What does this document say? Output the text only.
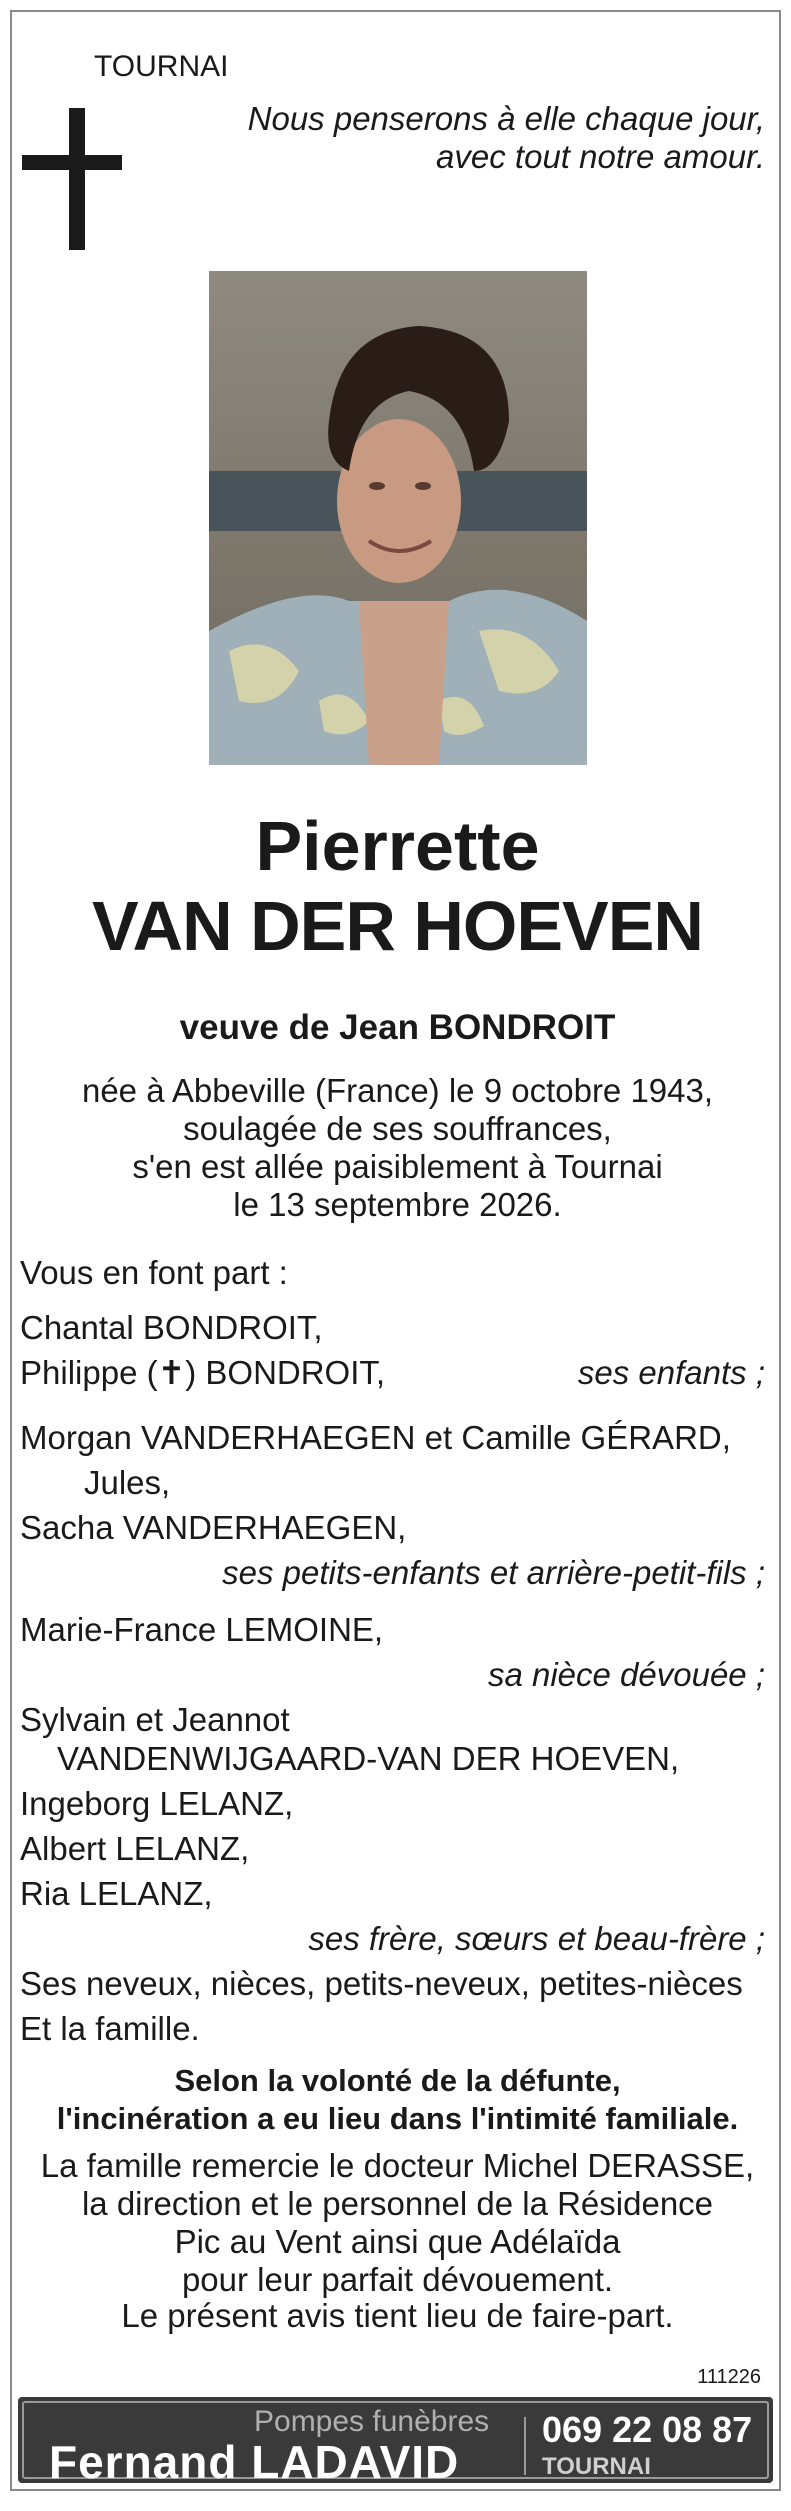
TOURNAI
Nous penserons à elle chaque jour,
avec tout notre amour.
Pierrette
VAN DER HOEVEN
veuve de Jean BONDROIT
née à Abbeville (France) le 9 octobre 1943,
soulagée de ses souffrances,
s'en est allée paisiblement à Tournai
le 13 septembre 2026.
Vous en font part :
Chantal BONDROIT,
Philippe (✝) BONDROIT,	ses enfants ;
Morgan VANDERHAEGEN et Camille GÉRARD,
Jules,
Sacha VANDERHAEGEN,
ses petits-enfants et arrière-petit-fils ;
Marie-France LEMOINE,
sa nièce dévouée ;
Sylvain et Jeannot
VANDENWIJGAARD-VAN DER HOEVEN,
Ingeborg LELANZ,
Albert LELANZ,
Ria LELANZ,
ses frère, sœurs et beau-frère ;
Ses neveux, nièces, petits-neveux, petites-nièces
Et la famille.
Selon la volonté de la défunte,
l'incinération a eu lieu dans l'intimité familiale.
La famille remercie le docteur Michel DERASSE,
la direction et le personnel de la Résidence
Pic au Vent ainsi que Adélaïda
pour leur parfait dévouement.
Le présent avis tient lieu de faire-part.
111226
Pompes funèbres
Fernand LADAVID
069 22 08 87
TOURNAI
